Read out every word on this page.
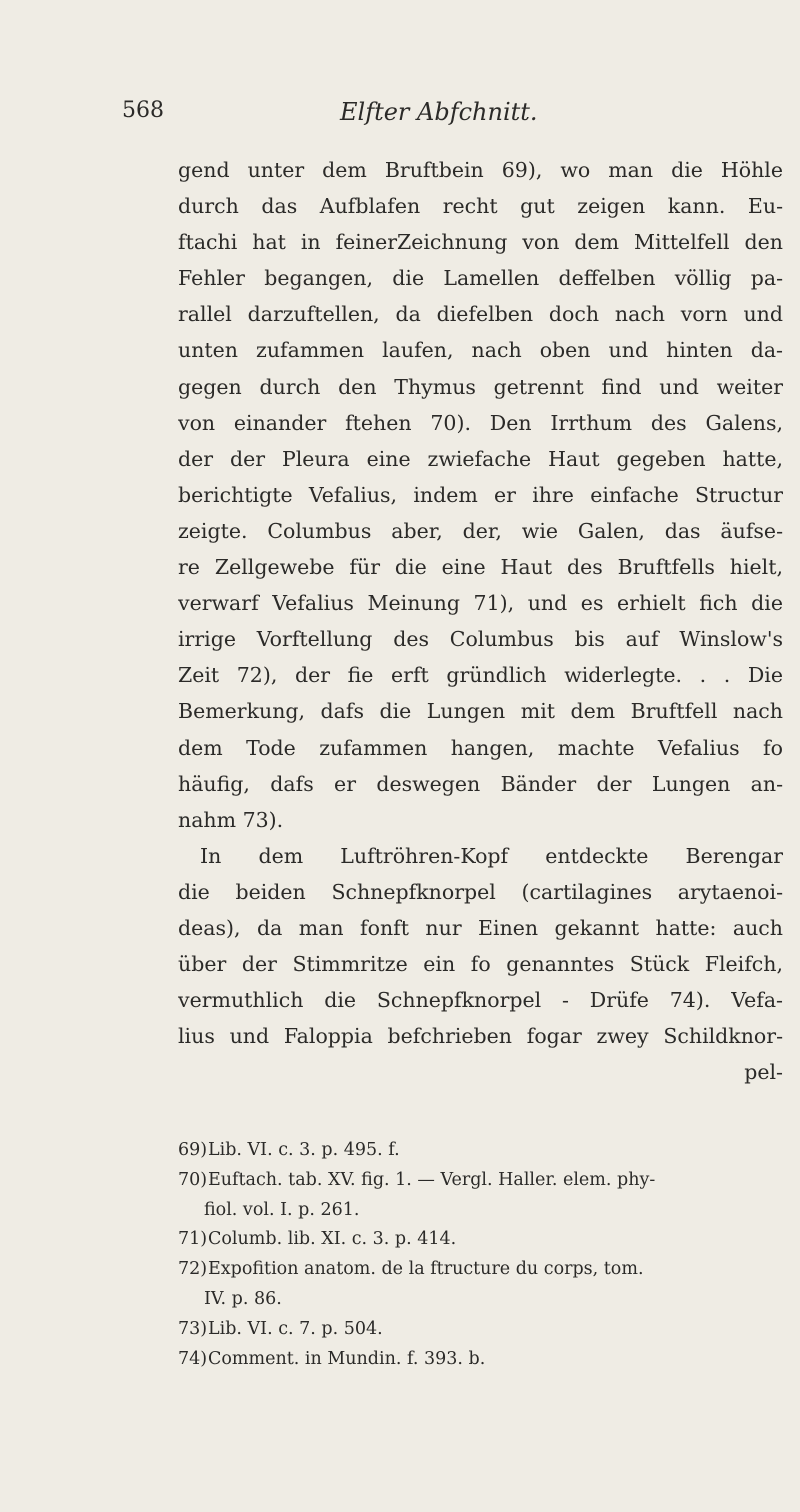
568	Elfter Abfchnitt.
gend unter dem Bruftbein 69), wo man die Höhle
durch das Aufblafen recht gut zeigen kann. Eu-
ftachi hat in feinerZeichnung von dem Mittelfell den
Fehler begangen, die Lamellen deffelben völlig pa-
rallel darzuftellen, da diefelben doch nach vorn und
unten zufammen laufen, nach oben und hinten da-
gegen durch den Thymus getrennt find und weiter
von einander ftehen 70). Den Irrthum des Galens,
der der Pleura eine zwiefache Haut gegeben hatte,
berichtigte Vefalius, indem er ihre einfache Structur
zeigte. Columbus aber, der, wie Galen, das äufse-
re Zellgewebe für die eine Haut des Bruftfells hielt,
verwarf Vefalius Meinung 71), und es erhielt fich die
irrige Vorftellung des Columbus bis auf Winslow's
Zeit 72), der fie erft gründlich widerlegte. . . Die
Bemerkung, dafs die Lungen mit dem Bruftfell nach
dem Tode zufammen hangen, machte Vefalius fo
häufig, dafs er deswegen Bänder der Lungen an-
nahm 73).
In dem Luftröhren-Kopf entdeckte Berengar
die beiden Schnepfknorpel (cartilagines arytaenoi-
deas), da man fonft nur Einen gekannt hatte: auch
über der Stimmritze ein fo genanntes Stück Fleifch,
vermuthlich die Schnepfknorpel - Drüfe 74). Vefa-
lius und Faloppia befchrieben fogar zwey Schildknor-
pel-
69)Lib. VI. c. 3. p. 495. f.
70)Euftach. tab. XV. fig. 1. — Vergl. Haller. elem. phy-
fiol. vol. I. p. 261.
71)Columb. lib. XI. c. 3. p. 414.
72)Expofition anatom. de la ftructure du corps, tom.
IV. p. 86.
73)Lib. VI. c. 7. p. 504.
74)Comment. in Mundin. f. 393. b.
